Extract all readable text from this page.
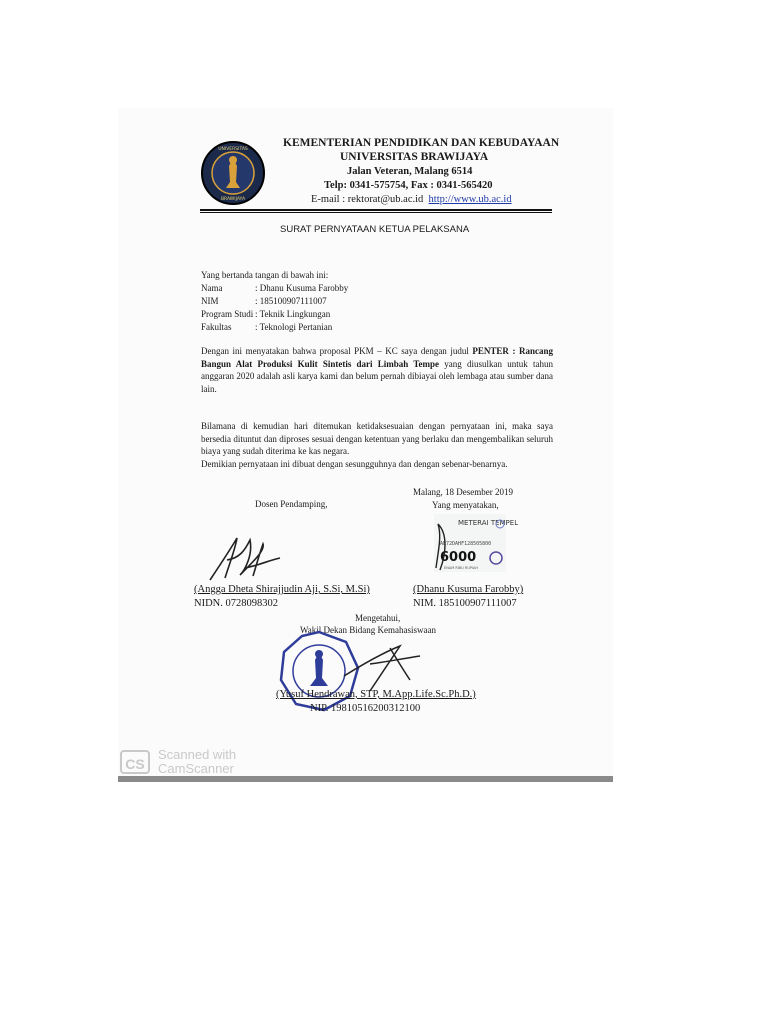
UNIVERSITAS
BRAWIJAYA
KEMENTERIAN PENDIDIKAN DAN KEBUDAYAAN
UNIVERSITAS BRAWIJAYA
Jalan Veteran, Malang 6514
Telp: 0341-575754, Fax : 0341-565420
E-mail : rektorat@ub.ac.id http://www.ub.ac.id
SURAT PERNYATAAN KETUA PELAKSANA
Yang bertanda tangan di bawah ini:
Nama	: Dhanu Kusuma Farobby
NIM	: 185100907111007
Program Studi : Teknik Lingkungan
Fakultas	: Teknologi Pertanian
Dengan ini menyatakan bahwa proposal PKM – KC saya dengan judul PENTER : Rancang Bangun Alat Produksi Kulit Sintetis dari Limbah Tempe yang diusulkan untuk tahun anggaran 2020 adalah asli karya kami dan belum pernah dibiayai oleh lembaga atau sumber dana lain.
Bilamana di kemudian hari ditemukan ketidaksesuaian dengan pernyataan ini, maka saya bersedia dituntut dan diproses sesuai dengan ketentuan yang berlaku dan mengembalikan seluruh biaya yang sudah diterima ke kas negara.
Demikian pernyataan ini dibuat dengan sesungguhnya dan dengan sebenar-benarnya.
Malang, 18 Desember 2019
Dosen Pendamping,	Yang menyatakan,
METERAI TEMPEL
AE72DAHF128505800
6000
ENAM RIBU RUPIAH
(Angga Dheta Shirajjudin Aji, S.Si, M.Si)
NIDN. 0728098302
(Dhanu Kusuma Farobby)
NIM. 185100907111007
Mengetahui,
Wakil Dekan Bidang Kemahasiswaan
(Yusuf Hendrawan, STP, M.App.Life.Sc.Ph.D.)
NIP. 19810516200312100
CS
Scanned with
CamScanner
